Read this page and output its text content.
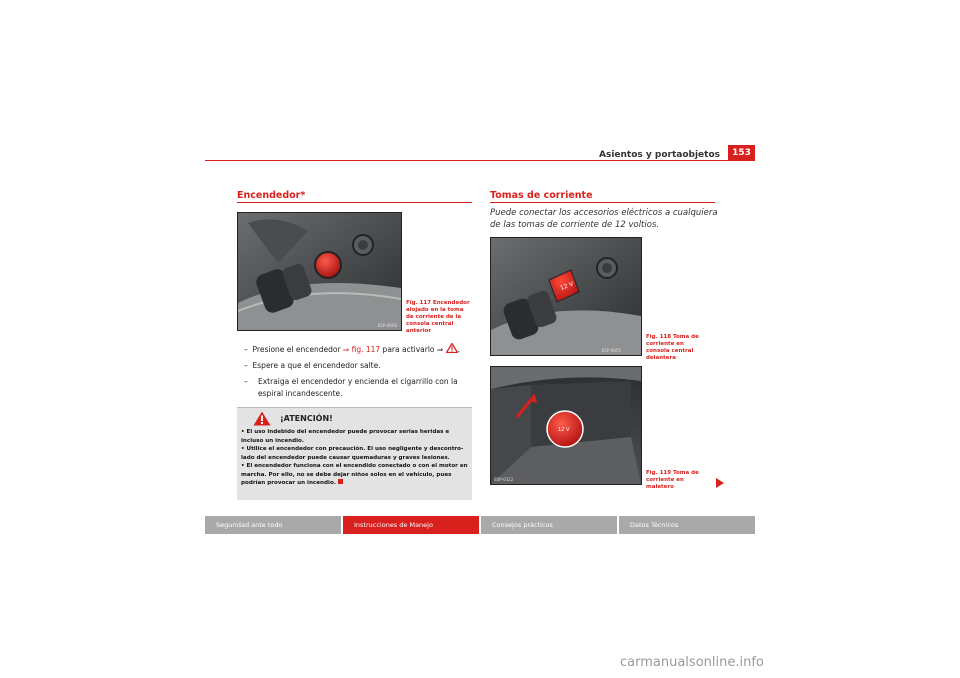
Asientos y portaobjetos	153
Encendedor*
B5P-0606
Fig. 117 Encendedor alojado en la toma de corriente de la consola central anterior
– Presione el encendedor ⇒ fig. 117 para activarlo ⇒ .
– Espere a que el encendedor salte.
–	Extraiga el encendedor y encienda el cigarrillo con la espiral incandescente.
¡ATENCIÓN!
• El uso indebido del encendedor puede provocar serias heridas e incluso un incendio.
• Utilice el encendedor con precaución. El uso negligente y descontro-lado del encendedor puede causar quemaduras y graves lesiones.
• El encendedor funciona con el encendido conectado o con el motor en marcha. Por ello, no se debe dejar niños solos en el vehículo, pues podrían provocar un incendio.
Tomas de corriente
Puede conectar los accesorios eléctricos a cualquiera de las tomas de corriente de 12 voltios.
12 V
B5P-0655
Fig. 118 Toma de corriente en consola central delantera
12 V
B5P-0322
Fig. 119 Toma de corriente en maletero
Seguridad ante todo	Instrucciones de Manejo	Consejos prácticos	Datos Técnicos
carmanualsonline.info
